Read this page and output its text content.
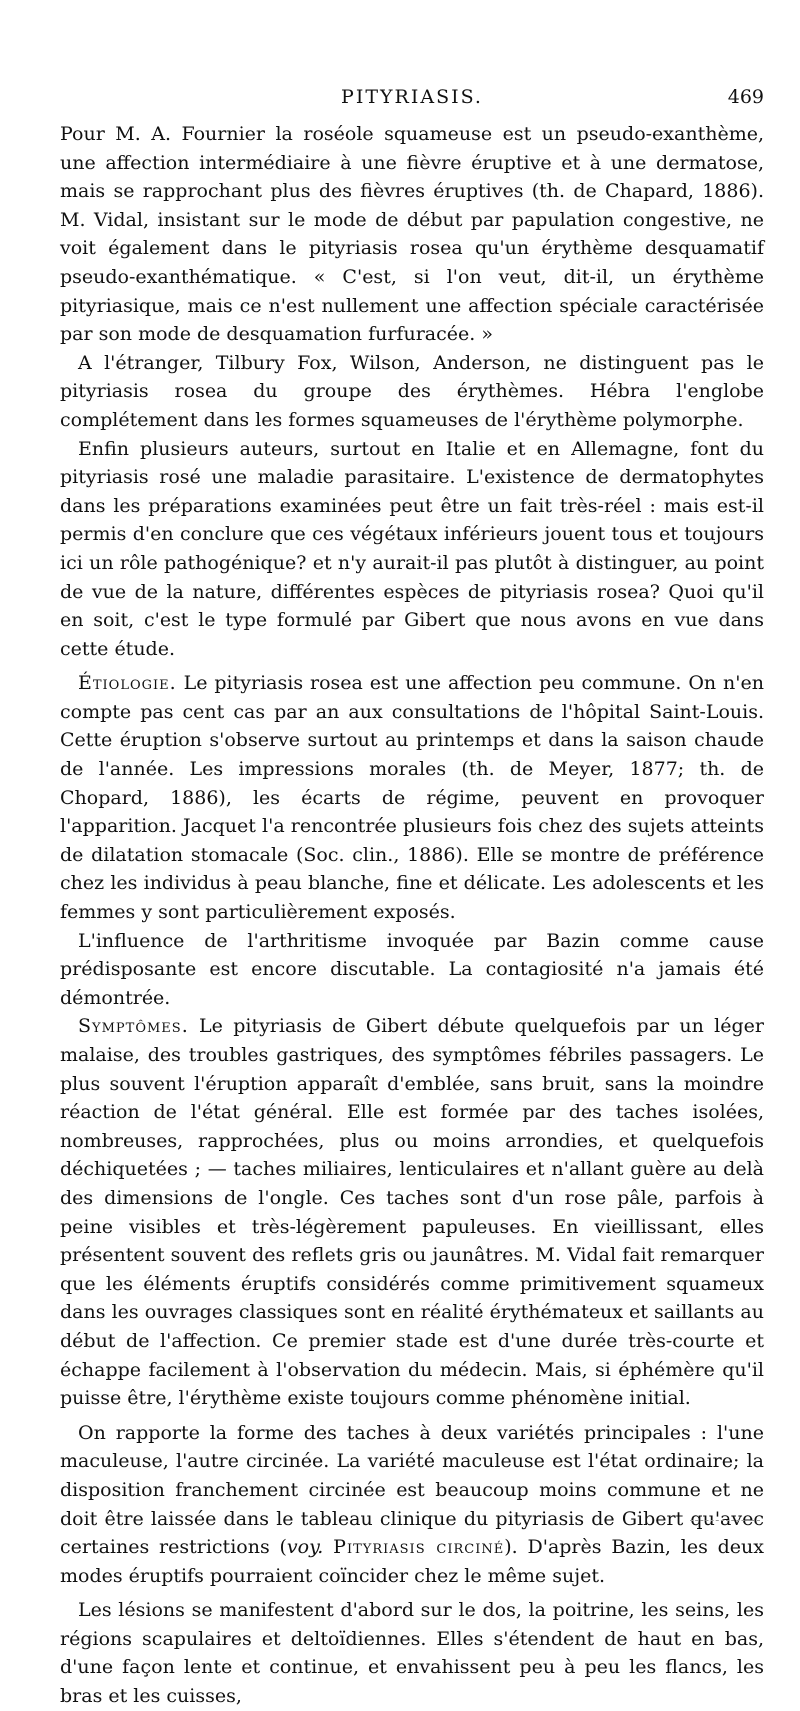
PITYRIASIS.	469

Pour M. A. Fournier la roséole squameuse est un pseudo-exanthème, une affection intermédiaire à une fièvre éruptive et à une dermatose, mais se rapprochant plus des fièvres éruptives (th. de Chapard, 1886). M. Vidal, insistant sur le mode de début par papulation congestive, ne voit également dans le pityriasis rosea qu'un érythème desquamatif pseudo-exanthématique. « C'est, si l'on veut, dit-il, un érythème pityriasique, mais ce n'est nullement une affection spéciale caractérisée par son mode de desquamation furfuracée. »

A l'étranger, Tilbury Fox, Wilson, Anderson, ne distinguent pas le pityriasis rosea du groupe des érythèmes. Hébra l'englobe complétement dans les formes squameuses de l'érythème polymorphe.

Enfin plusieurs auteurs, surtout en Italie et en Allemagne, font du pityriasis rosé une maladie parasitaire. L'existence de dermatophytes dans les préparations examinées peut être un fait très-réel : mais est-il permis d'en conclure que ces végétaux inférieurs jouent tous et toujours ici un rôle pathogénique? et n'y aurait-il pas plutôt à distinguer, au point de vue de la nature, différentes espèces de pityriasis rosea? Quoi qu'il en soit, c'est le type formulé par Gibert que nous avons en vue dans cette étude.

Étiologie. Le pityriasis rosea est une affection peu commune. On n'en compte pas cent cas par an aux consultations de l'hôpital Saint-Louis. Cette éruption s'observe surtout au printemps et dans la saison chaude de l'année. Les impressions morales (th. de Meyer, 1877; th. de Chopard, 1886), les écarts de régime, peuvent en provoquer l'apparition. Jacquet l'a rencontrée plusieurs fois chez des sujets atteints de dilatation stomacale (Soc. clin., 1886). Elle se montre de préférence chez les individus à peau blanche, fine et délicate. Les adolescents et les femmes y sont particulièrement exposés.

L'influence de l'arthritisme invoquée par Bazin comme cause prédisposante est encore discutable. La contagiosité n'a jamais été démontrée.

Symptômes. Le pityriasis de Gibert débute quelquefois par un léger malaise, des troubles gastriques, des symptômes fébriles passagers. Le plus souvent l'éruption apparaît d'emblée, sans bruit, sans la moindre réaction de l'état général. Elle est formée par des taches isolées, nombreuses, rapprochées, plus ou moins arrondies, et quelquefois déchiquetées ; — taches miliaires, lenticulaires et n'allant guère au delà des dimensions de l'ongle. Ces taches sont d'un rose pâle, parfois à peine visibles et très-légèrement papuleuses. En vieillissant, elles présentent souvent des reflets gris ou jaunâtres. M. Vidal fait remarquer que les éléments éruptifs considérés comme primitivement squameux dans les ouvrages classiques sont en réalité érythémateux et saillants au début de l'affection. Ce premier stade est d'une durée très-courte et échappe facilement à l'observation du médecin. Mais, si éphémère qu'il puisse être, l'érythème existe toujours comme phénomène initial.

On rapporte la forme des taches à deux variétés principales : l'une maculeuse, l'autre circinée. La variété maculeuse est l'état ordinaire; la disposition franchement circinée est beaucoup moins commune et ne doit être laissée dans le tableau clinique du pityriasis de Gibert qu'avec certaines restrictions (voy. Pityriasis circiné). D'après Bazin, les deux modes éruptifs pourraient coïncider chez le même sujet.

Les lésions se manifestent d'abord sur le dos, la poitrine, les seins, les régions scapulaires et deltoïdiennes. Elles s'étendent de haut en bas, d'une façon lente et continue, et envahissent peu à peu les flancs, les bras et les cuisses,
